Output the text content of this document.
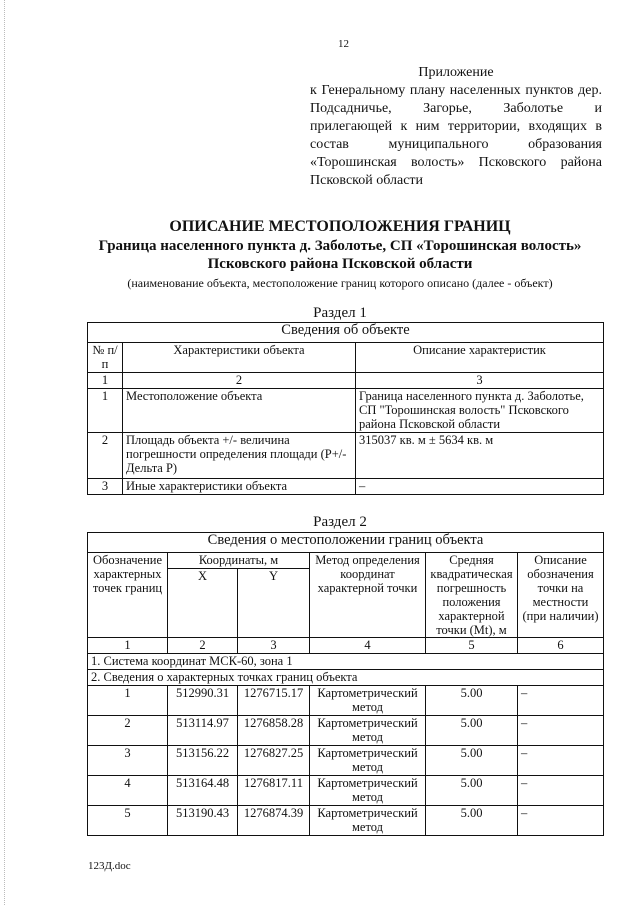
12
Приложение
к Генеральному плану населенных пунктов дер. Подсадничье, Загорье, Заболотье и прилегающей к ним территории, входящих в состав муниципального образования «Торошинская волость» Псковского района Псковской области
ОПИСАНИЕ МЕСТОПОЛОЖЕНИЯ ГРАНИЦ
Граница населенного пункта д. Заболотье, СП «Торошинская волость»
Псковского района Псковской области
(наименование объекта, местоположение границ которого описано (далее - объект)
Раздел 1
Сведения об объекте		
№ п/п	Характеристики объекта	Описание характеристик
1	2	3
1	Местоположение объекта	Граница населенного пункта д. Заболотье, СП "Торошинская волость" Псковского района Псковской области
2	Площадь объекта +/- величина погрешности определения площади (Р+/- Дельта Р)	315037 кв. м ± 5634 кв. м
3	Иные характеристики объекта	–
Раздел 2
Сведения о местоположении границ объекта					
Обозначение характерных точек границ	Координаты, м		Метод определения координат характерной точки	Средняя квадратическая погрешность положения характерной точки (Mt), м	Описание обозначения точки на местности (при наличии)
	X	Y			
1	2	3	4	5	6
1. Система координат МСК-60, зона 1					
2. Сведения о характерных точках границ объекта					
1	512990.31	1276715.17	Картометрический метод	5.00	–
2	513114.97	1276858.28	Картометрический метод	5.00	–
3	513156.22	1276827.25	Картометрический метод	5.00	–
4	513164.48	1276817.11	Картометрический метод	5.00	–
5	513190.43	1276874.39	Картометрический метод	5.00	–
123Д.doc
